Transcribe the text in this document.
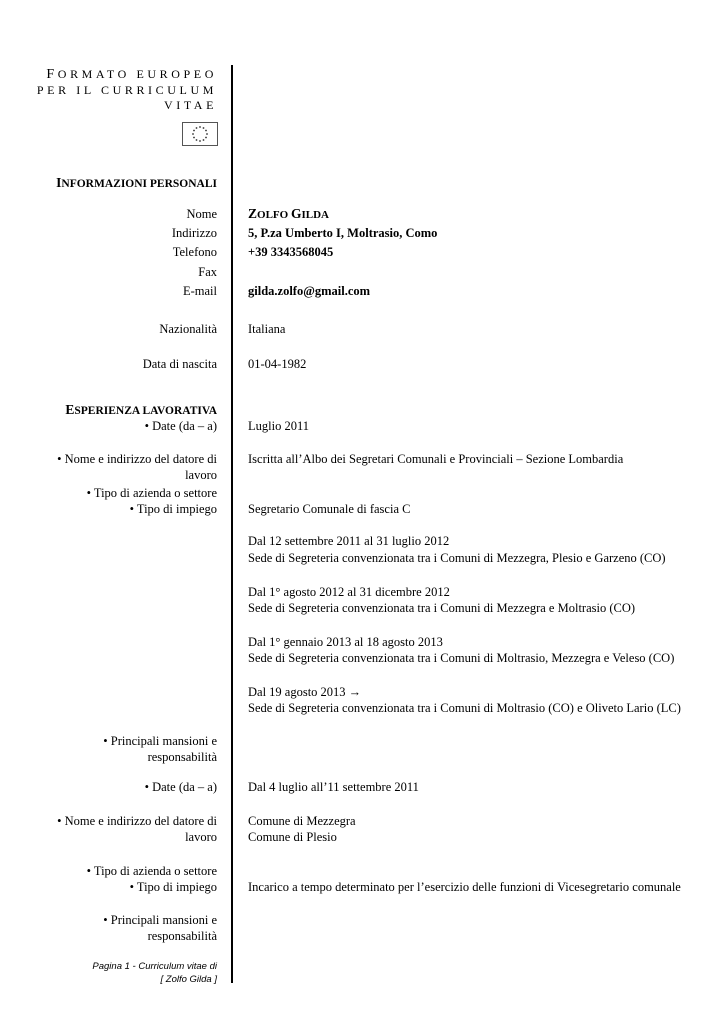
FORMATO EUROPEO
PER IL CURRICULUM
VITAE
INFORMAZIONI PERSONALI
Nome ZOLFO GILDA
Indirizzo 5, P.za Umberto I, Moltrasio, Como
Telefono +39 3343568045
Fax
E-mail gilda.zolfo@gmail.com
Nazionalità Italiana
Data di nascita 01-04-1982
ESPERIENZA LAVORATIVA
• Date (da – a) Luglio 2011
• Nome e indirizzo del datore di
lavoro
Iscritta all’Albo dei Segretari Comunali e Provinciali – Sezione Lombardia
• Tipo di azienda o settore
• Tipo di impiego Segretario Comunale di fascia C
Dal 12 settembre 2011 al 31 luglio 2012
Sede di Segreteria convenzionata tra i Comuni di Mezzegra, Plesio e Garzeno (CO)
Dal 1° agosto 2012 al 31 dicembre 2012
Sede di Segreteria convenzionata tra i Comuni di Mezzegra e Moltrasio (CO)
Dal 1° gennaio 2013 al 18 agosto 2013
Sede di Segreteria convenzionata tra i Comuni di Moltrasio, Mezzegra e Veleso (CO)
Dal 19 agosto 2013 →
Sede di Segreteria convenzionata tra i Comuni di Moltrasio (CO) e Oliveto Lario (LC)
• Principali mansioni e
responsabilità
• Date (da – a) Dal 4 luglio all’11 settembre 2011
• Nome e indirizzo del datore di
lavoro
Comune di Mezzegra
Comune di Plesio
• Tipo di azienda o settore
• Tipo di impiego Incarico a tempo determinato per l’esercizio delle funzioni di Vicesegretario comunale
• Principali mansioni e
responsabilità
Pagina 1 - Curriculum vitae di
[ Zolfo Gilda ]
